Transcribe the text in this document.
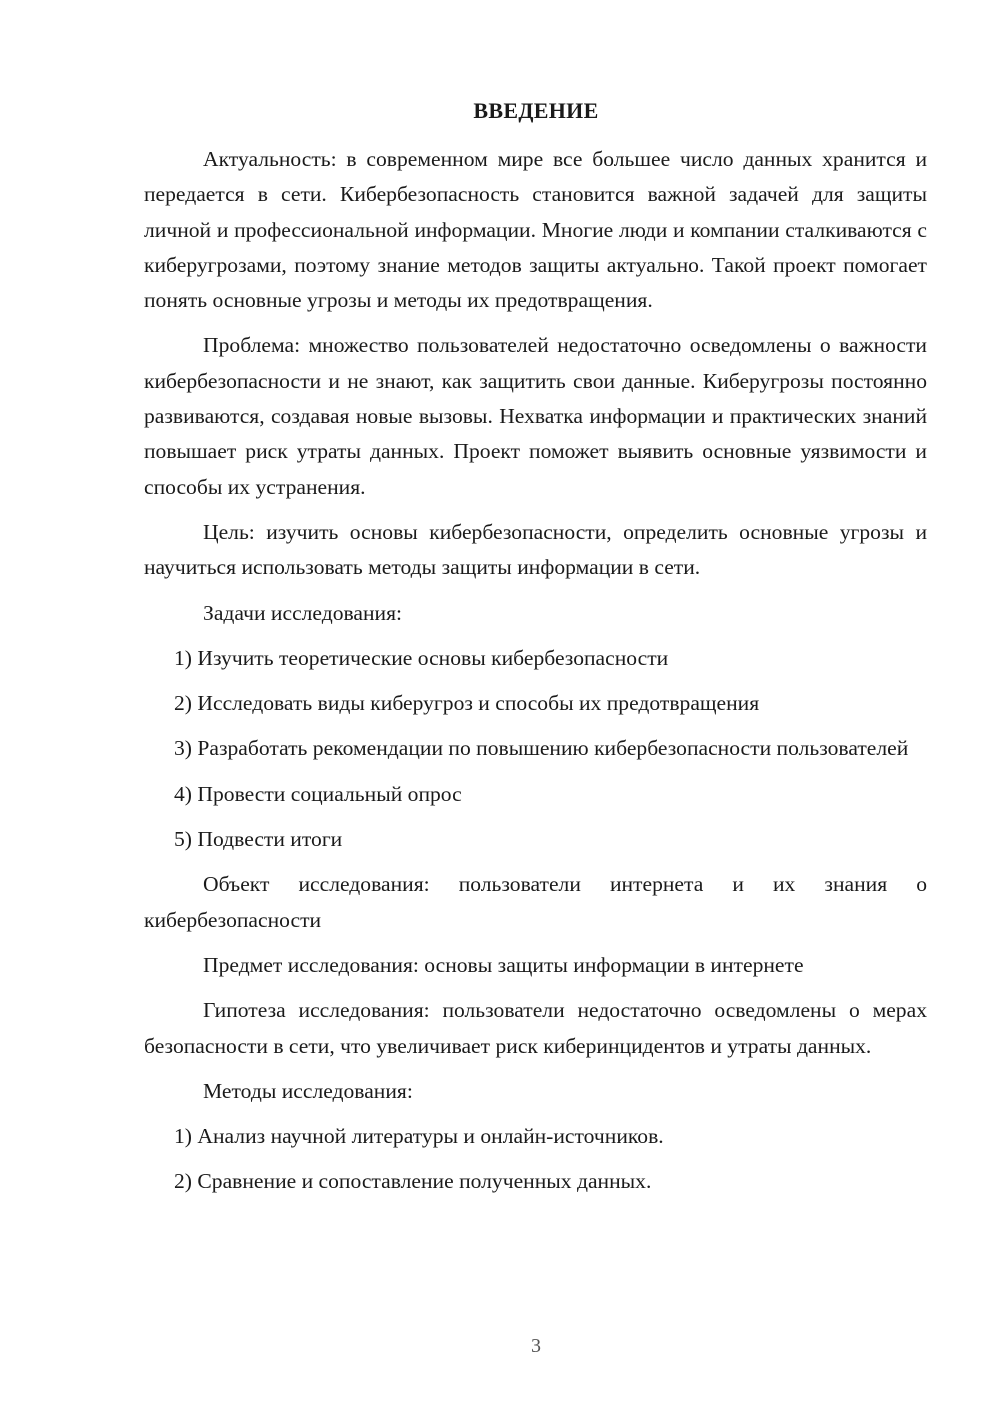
ВВЕДЕНИЕ

Актуальность: в современном мире все большее число данных хранится и передается в сети. Кибербезопасность становится важной задачей для защиты личной и профессиональной информации. Многие люди и компании сталкиваются с киберугрозами, поэтому знание методов защиты актуально. Такой проект помогает понять основные угрозы и методы их предотвращения.

Проблема: множество пользователей недостаточно осведомлены о важности кибербезопасности и не знают, как защитить свои данные. Киберугрозы постоянно развиваются, создавая новые вызовы. Нехватка информации и практических знаний повышает риск утраты данных. Проект поможет выявить основные уязвимости и способы их устранения.

Цель: изучить основы кибербезопасности, определить основные угрозы и научиться использовать методы защиты информации в сети.

Задачи исследования:

1) Изучить теоретические основы кибербезопасности

2) Исследовать виды киберугроз и способы их предотвращения

3) Разработать рекомендации по повышению кибербезопасности пользователей

4) Провести социальный опрос

5) Подвести итоги

Объект исследования: пользователи интернета и их знания о кибербезопасности

Предмет исследования: основы защиты информации в интернете

Гипотеза исследования: пользователи недостаточно осведомлены о мерах безопасности в сети, что увеличивает риск киберинцидентов и утраты данных.

Методы исследования:

1) Анализ научной литературы и онлайн-источников.

2) Сравнение и сопоставление полученных данных.

3
